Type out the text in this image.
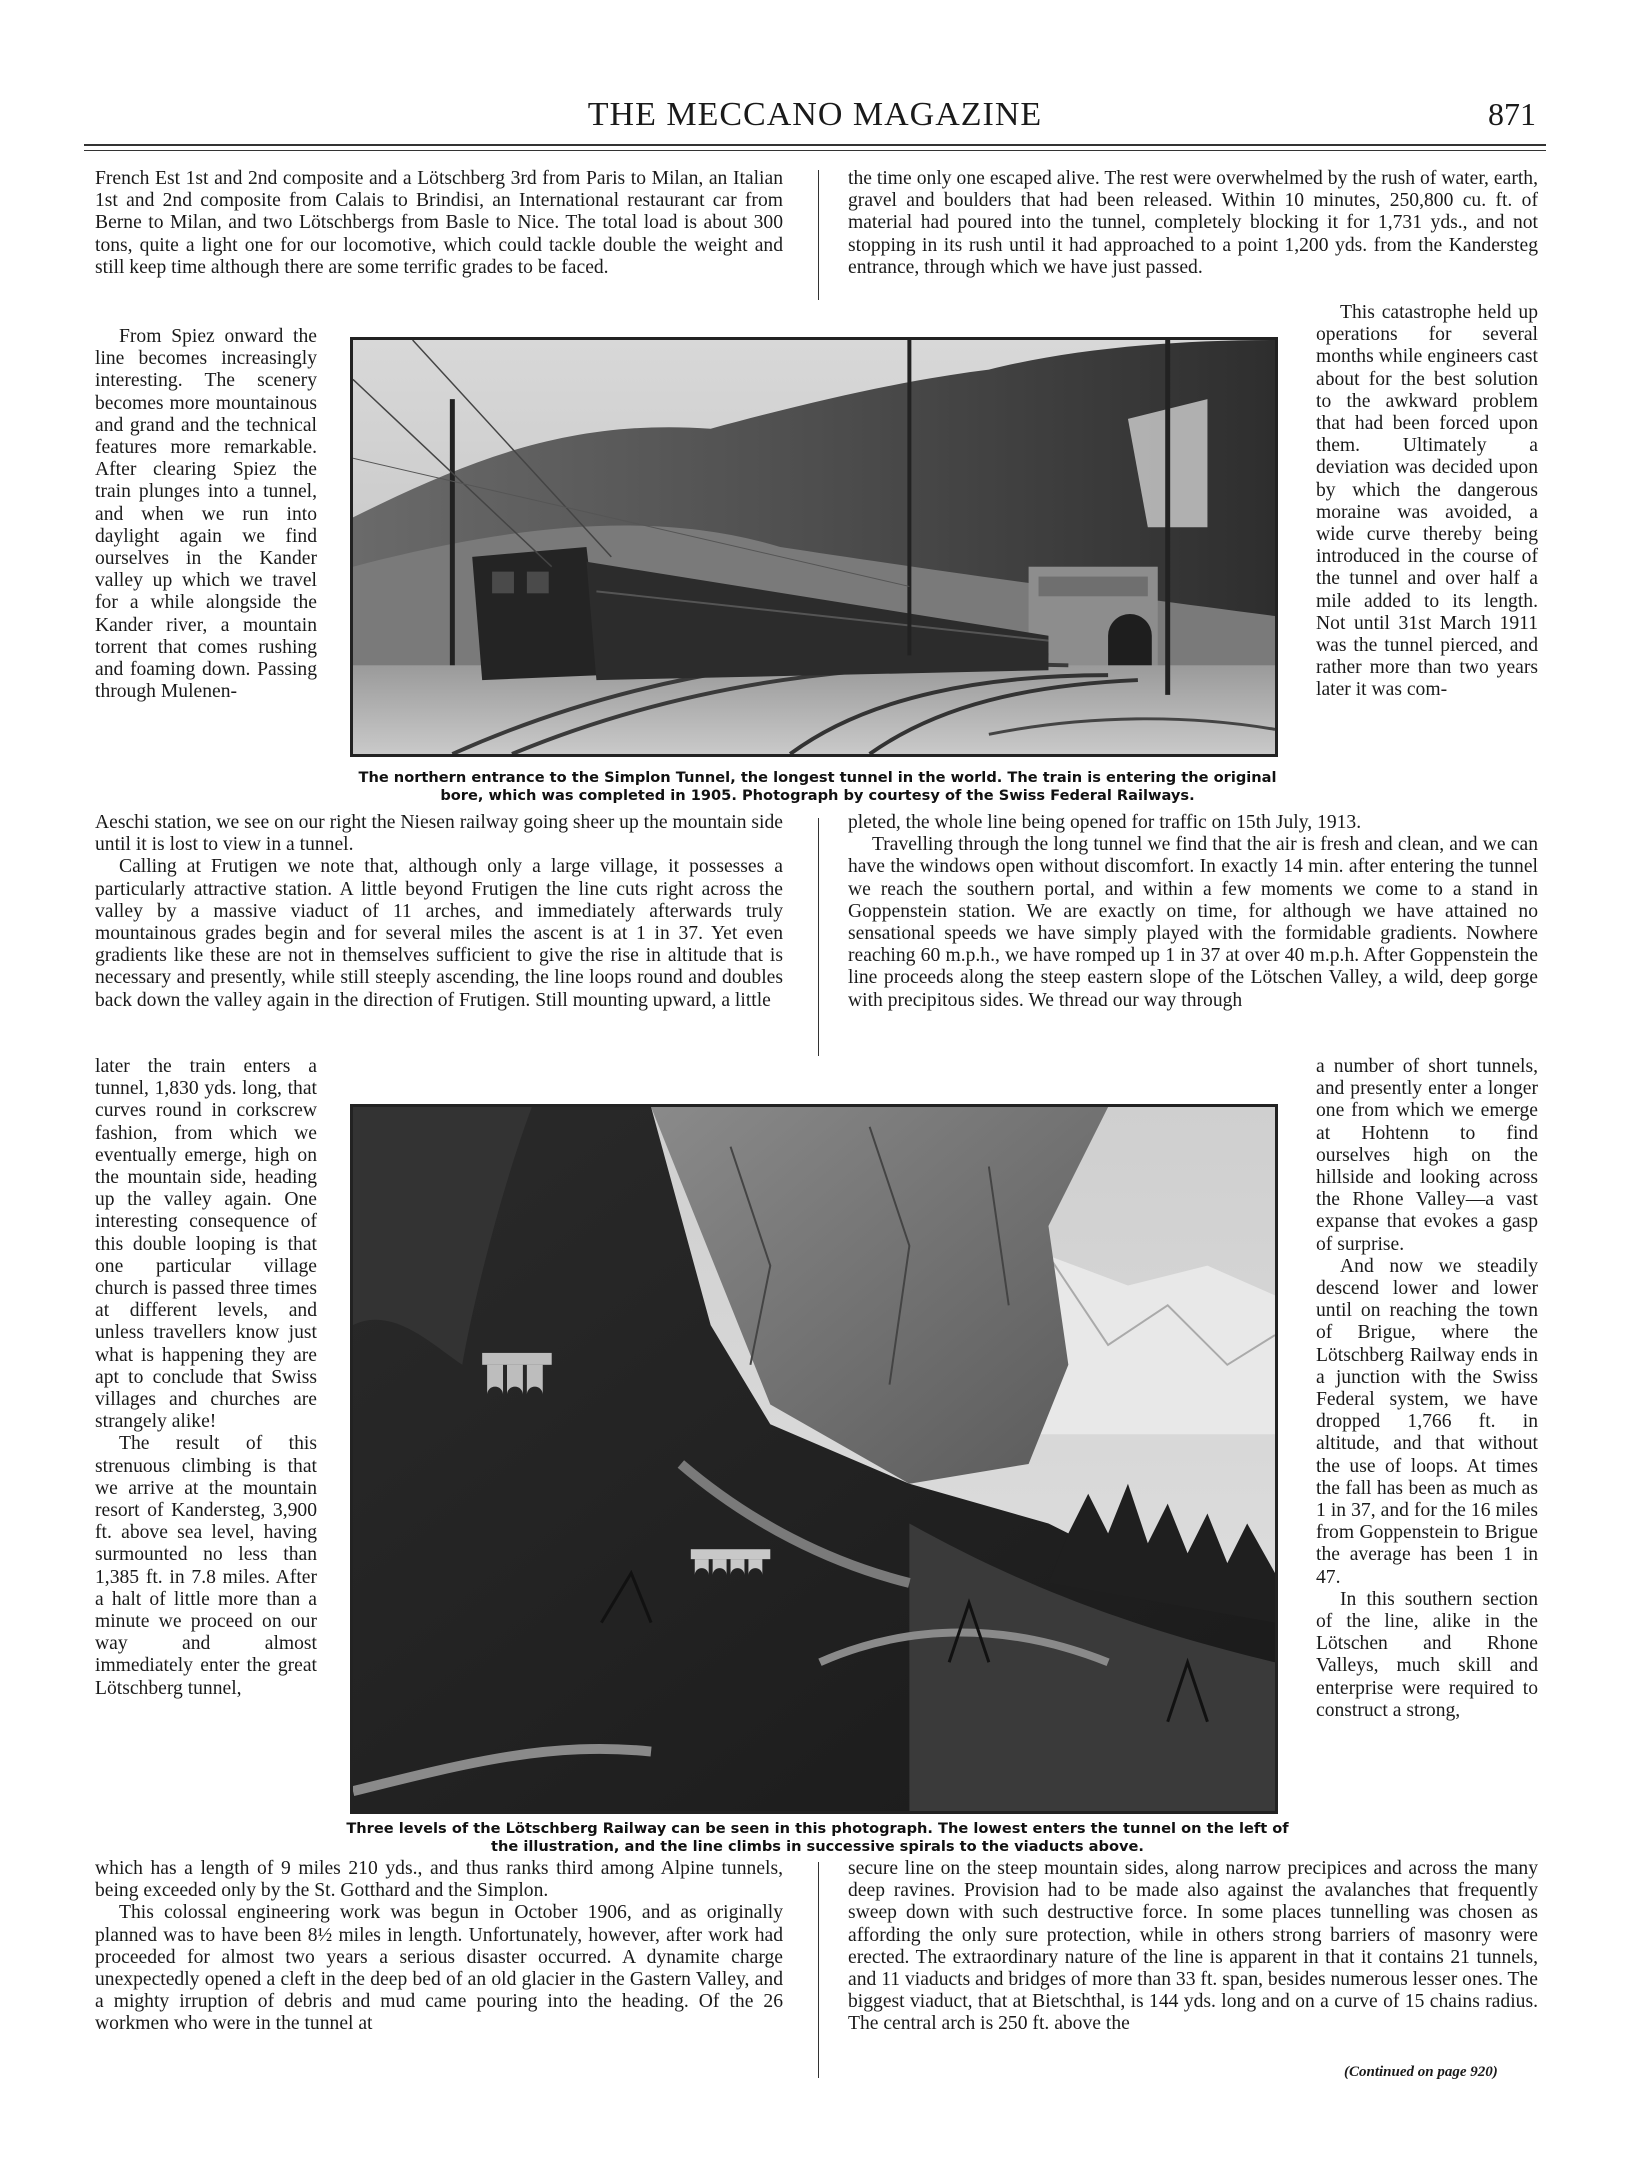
THE MECCANO MAGAZINE	871

French Est 1st and 2nd composite and a Lötschberg 3rd from Paris to Milan, an Italian 1st and 2nd composite from Calais to Brindisi, an International restaurant car from Berne to Milan, and two Lötschbergs from Basle to Nice. The total load is about 300 tons, quite a light one for our locomotive, which could tackle double the weight and still keep time although there are some terrific grades to be faced.

the time only one escaped alive. The rest were overwhelmed by the rush of water, earth, gravel and boulders that had been released. Within 10 minutes, 250,800 cu. ft. of material had poured into the tunnel, completely blocking it for 1,731 yds., and not stopping in its rush until it had approached to a point 1,200 yds. from the Kandersteg entrance, through which we have just passed.

From Spiez onward the line becomes increasingly interesting. The scenery becomes more mountainous and grand and the technical features more remarkable. After clearing Spiez the train plunges into a tunnel, and when we run into daylight again we find ourselves in the Kander valley up which we travel for a while alongside the Kander river, a mountain torrent that comes rushing and foaming down. Passing through Mulenen-

This catastrophe held up operations for several months while engineers cast about for the best solution to the awkward problem that had been forced upon them. Ultimately a deviation was decided upon by which the dangerous moraine was avoided, a wide curve thereby being introduced in the course of the tunnel and over half a mile added to its length. Not until 31st March 1911 was the tunnel pierced, and rather more than two years later it was com-

The northern entrance to the Simplon Tunnel, the longest tunnel in the world. The train is entering the original bore, which was completed in 1905. Photograph by courtesy of the Swiss Federal Railways.

Aeschi station, we see on our right the Niesen railway going sheer up the mountain side until it is lost to view in a tunnel.

Calling at Frutigen we note that, although only a large village, it possesses a particularly attractive station. A little beyond Frutigen the line cuts right across the valley by a massive viaduct of 11 arches, and immediately afterwards truly mountainous grades begin and for several miles the ascent is at 1 in 37. Yet even gradients like these are not in themselves sufficient to give the rise in altitude that is necessary and presently, while still steeply ascending, the line loops round and doubles back down the valley again in the direction of Frutigen. Still mounting upward, a little

pleted, the whole line being opened for traffic on 15th July, 1913.

Travelling through the long tunnel we find that the air is fresh and clean, and we can have the windows open without discomfort. In exactly 14 min. after entering the tunnel we reach the southern portal, and within a few moments we come to a stand in Goppenstein station. We are exactly on time, for although we have attained no sensational speeds we have simply played with the formidable gradients. Nowhere reaching 60 m.p.h., we have romped up 1 in 37 at over 40 m.p.h. After Goppenstein the line proceeds along the steep eastern slope of the Lötschen Valley, a wild, deep gorge with precipitous sides. We thread our way through

later the train enters a tunnel, 1,830 yds. long, that curves round in corkscrew fashion, from which we eventually emerge, high on the mountain side, heading up the valley again. One interesting consequence of this double looping is that one particular village church is passed three times at different levels, and unless travellers know just what is happening they are apt to conclude that Swiss villages and churches are strangely alike!

The result of this strenuous climbing is that we arrive at the mountain resort of Kandersteg, 3,900 ft. above sea level, having surmounted no less than 1,385 ft. in 7.8 miles. After a halt of little more than a minute we proceed on our way and almost immediately enter the great Lötschberg tunnel,

a number of short tunnels, and presently enter a longer one from which we emerge at Hohtenn to find ourselves high on the hillside and looking across the Rhone Valley—a vast expanse that evokes a gasp of surprise.

And now we steadily descend lower and lower until on reaching the town of Brigue, where the Lötschberg Railway ends in a junction with the Swiss Federal system, we have dropped 1,766 ft. in altitude, and that without the use of loops. At times the fall has been as much as 1 in 37, and for the 16 miles from Goppenstein to Brigue the average has been 1 in 47.

In this southern section of the line, alike in the Lötschen and Rhone Valleys, much skill and enterprise were required to construct a strong,

Three levels of the Lötschberg Railway can be seen in this photograph. The lowest enters the tunnel on the left of the illustration, and the line climbs in successive spirals to the viaducts above.

which has a length of 9 miles 210 yds., and thus ranks third among Alpine tunnels, being exceeded only by the St. Gotthard and the Simplon.

This colossal engineering work was begun in October 1906, and as originally planned was to have been 8½ miles in length. Unfortunately, however, after work had proceeded for almost two years a serious disaster occurred. A dynamite charge unexpectedly opened a cleft in the deep bed of an old glacier in the Gastern Valley, and a mighty irruption of debris and mud came pouring into the heading. Of the 26 workmen who were in the tunnel at

secure line on the steep mountain sides, along narrow precipices and across the many deep ravines. Provision had to be made also against the avalanches that frequently sweep down with such destructive force. In some places tunnelling was chosen as affording the only sure protection, while in others strong barriers of masonry were erected. The extraordinary nature of the line is apparent in that it contains 21 tunnels, and 11 viaducts and bridges of more than 33 ft. span, besides numerous lesser ones. The biggest viaduct, that at Bietschthal, is 144 yds. long and on a curve of 15 chains radius. The central arch is 250 ft. above the

(Continued on page 920)
